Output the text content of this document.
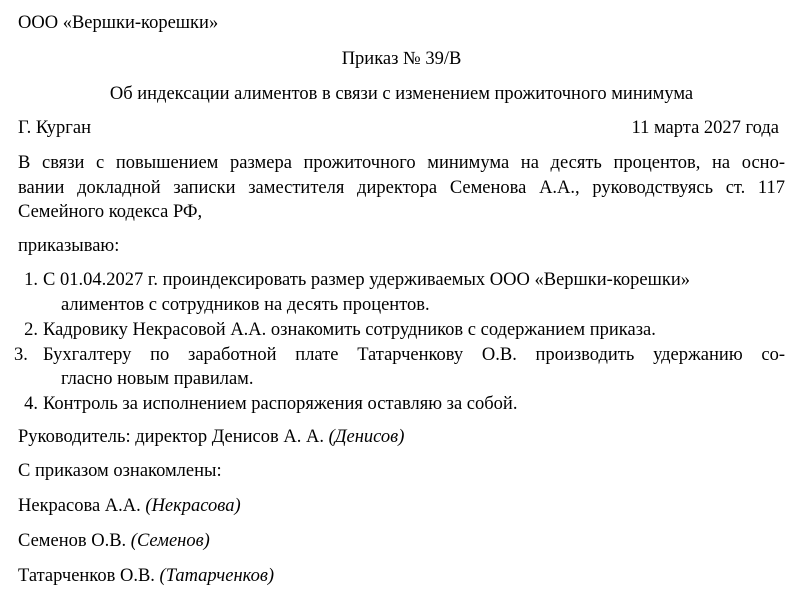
ООО «Вершки-корешки»
Приказ № 39/В
Об индексации алиментов в связи с изменением прожиточного минимума
Г. Курган	11 марта 2027 года
В связи с повышением размера прожиточного минимума на десять процентов, на осно-
вании докладной записки заместителя директора Семенова А.А., руководствуясь ст. 117
Семейного кодекса РФ,
приказываю:
1. С 01.04.2027 г. проиндексировать размер удерживаемых ООО «Вершки-корешки»
алиментов с сотрудников на десять процентов.
2. Кадровику Некрасовой А.А. ознакомить сотрудников с содержанием приказа.
3. Бухгалтеру по заработной плате Татарченкову О.В. производить удержанию со-
гласно новым правилам.
4. Контроль за исполнением распоряжения оставляю за собой.
Руководитель: директор Денисов А. А. (Денисов)
С приказом ознакомлены:
Некрасова А.А. (Некрасова)
Семенов О.В. (Семенов)
Татарченков О.В. (Татарченков)
